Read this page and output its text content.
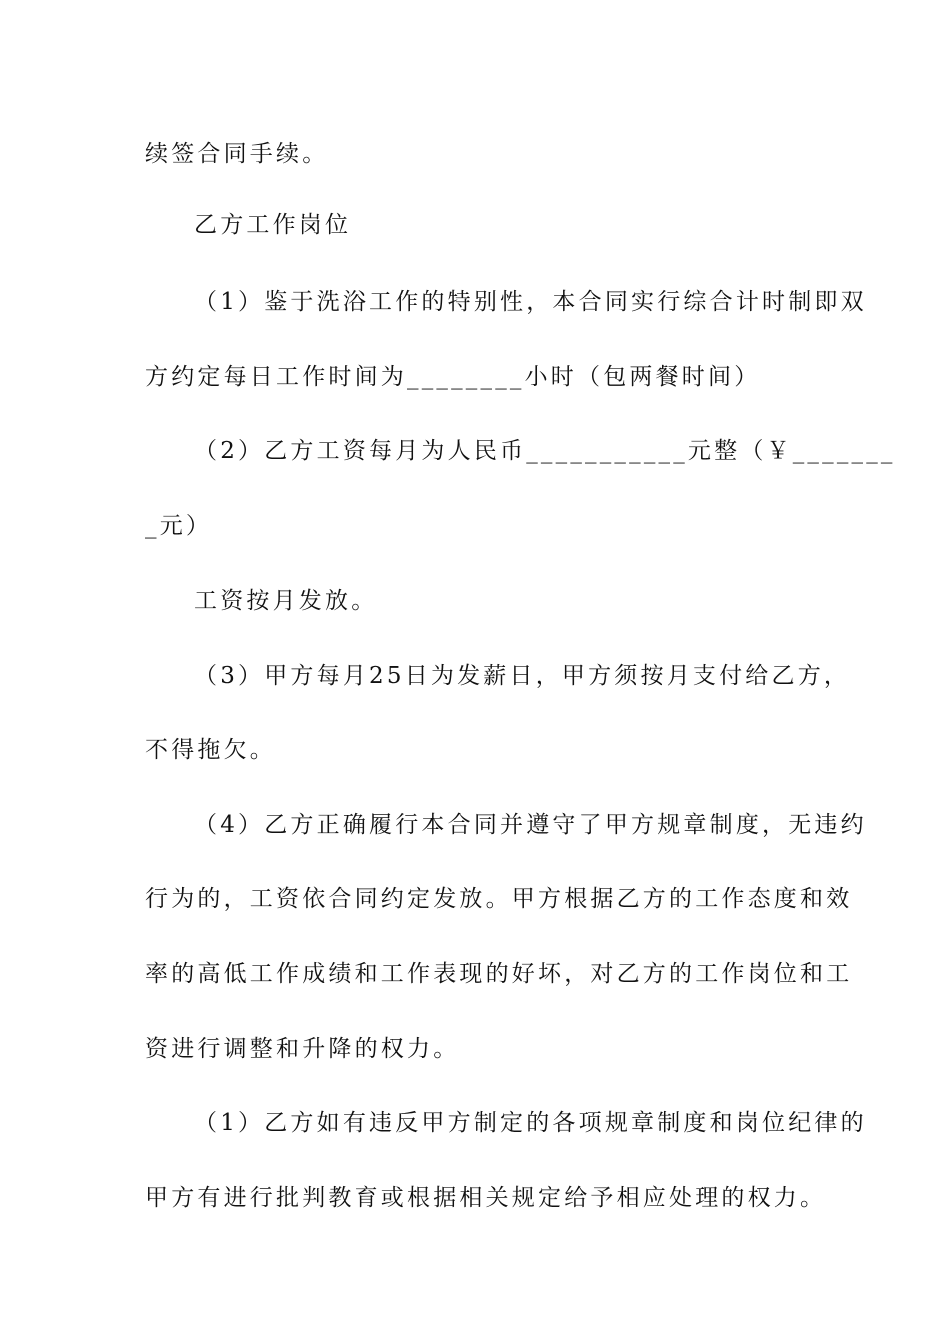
续签合同手续。
乙方工作岗位
（1）鉴于洗浴工作的特别性，本合同实行综合计时制即双
方约定每日工作时间为________小时（包两餐时间）
（2）乙方工资每月为人民币___________元整（￥_______
_元）
工资按月发放。
（3）甲方每月25日为发薪日，甲方须按月支付给乙方，
不得拖欠。
（4）乙方正确履行本合同并遵守了甲方规章制度，无违约
行为的，工资依合同约定发放。甲方根据乙方的工作态度和效
率的高低工作成绩和工作表现的好坏，对乙方的工作岗位和工
资进行调整和升降的权力。
（1）乙方如有违反甲方制定的各项规章制度和岗位纪律的
甲方有进行批判教育或根据相关规定给予相应处理的权力。
